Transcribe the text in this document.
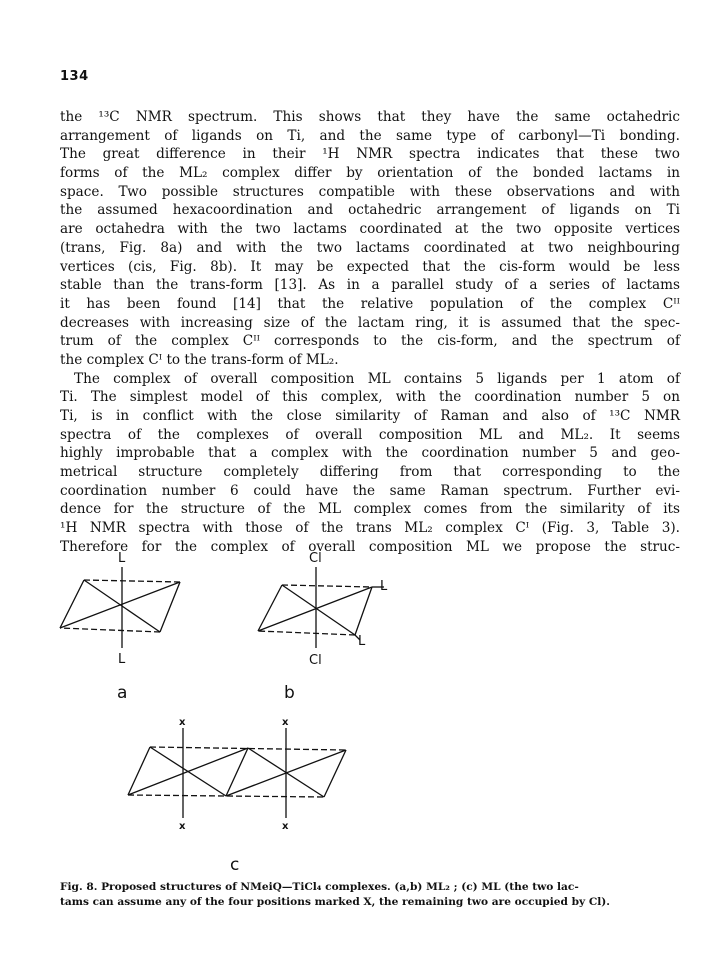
134
the ¹³C NMR spectrum. This shows that they have the same octahedric
arrangement of ligands on Ti, and the same type of carbonyl—Ti bonding.
The great difference in their ¹H NMR spectra indicates that these two
forms of the ML₂ complex differ by orientation of the bonded lactams in
space. Two possible structures compatible with these observations and with
the assumed hexacoordination and octahedric arrangement of ligands on Ti
are octahedra with the two lactams coordinated at the two opposite vertices
(trans, Fig. 8a) and with the two lactams coordinated at two neighbouring
vertices (cis, Fig. 8b). It may be expected that the cis-form would be less
stable than the trans-form [13]. As in a parallel study of a series of lactams
it has been found [14] that the relative population of the complex Cᴵᴵ
decreases with increasing size of the lactam ring, it is assumed that the spec-
trum of the complex Cᴵᴵ corresponds to the cis-form, and the spectrum of
the complex Cᴵ to the trans-form of ML₂.
The complex of overall composition ML contains 5 ligands per 1 atom of
Ti. The simplest model of this complex, with the coordination number 5 on
Ti, is in conflict with the close similarity of Raman and also of ¹³C NMR
spectra of the complexes of overall composition ML and ML₂. It seems
highly improbable that a complex with the coordination number 5 and geo-
metrical structure completely differing from that corresponding to the
coordination number 6 could have the same Raman spectrum. Further evi-
dence for the structure of the ML complex comes from the similarity of its
¹H NMR spectra with those of the trans ML₂ complex Cᴵ (Fig. 3, Table 3).
Therefore for the complex of overall composition ML we propose the struc-
L
L
a
Cl
Cl
L
L
b
x	x
x	x
c
Fig. 8. Proposed structures of NMeiQ—TiCl₄ complexes. (a,b) ML₂ ; (c) ML (the two lac-
tams can assume any of the four positions marked X, the remaining two are occupied by Cl).
